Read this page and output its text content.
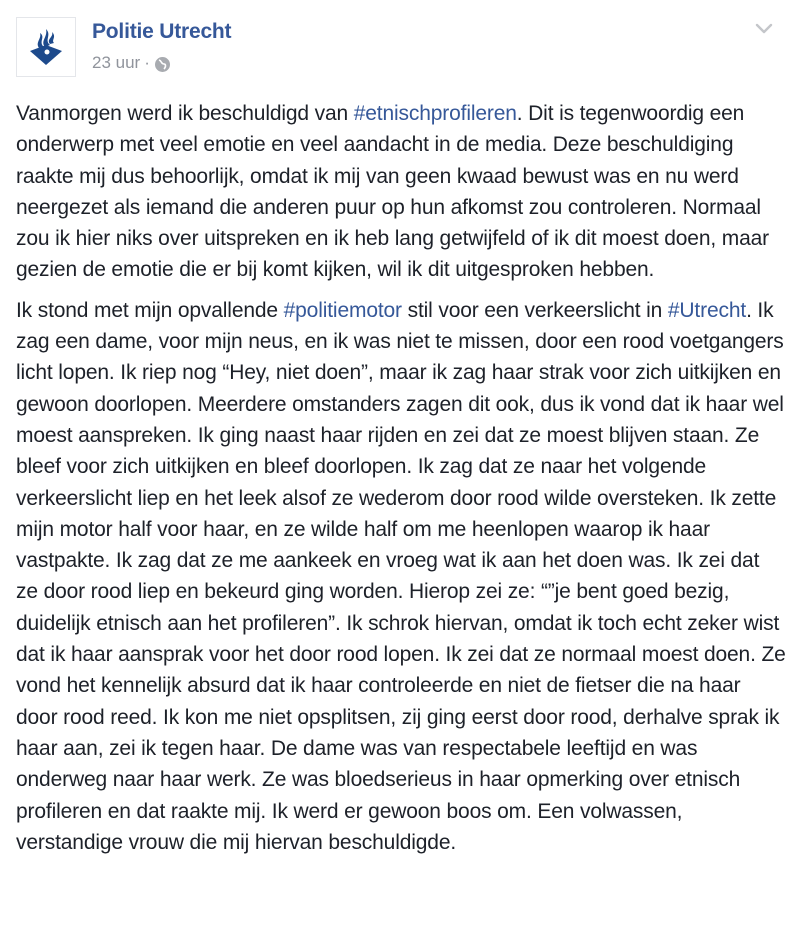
Politie Utrecht
23 uur ·

Vanmorgen werd ik beschuldigd van #etnischprofileren. Dit is tegenwoordig een onderwerp met veel emotie en veel aandacht in de media. Deze beschuldiging raakte mij dus behoorlijk, omdat ik mij van geen kwaad bewust was en nu werd neergezet als iemand die anderen puur op hun afkomst zou controleren. Normaal zou ik hier niks over uitspreken en ik heb lang getwijfeld of ik dit moest doen, maar gezien de emotie die er bij komt kijken, wil ik dit uitgesproken hebben.

Ik stond met mijn opvallende #politiemotor stil voor een verkeerslicht in #Utrecht. Ik zag een dame, voor mijn neus, en ik was niet te missen, door een rood voetgangers licht lopen. Ik riep nog “Hey, niet doen”, maar ik zag haar strak voor zich uitkijken en gewoon doorlopen. Meerdere omstanders zagen dit ook, dus ik vond dat ik haar wel moest aanspreken. Ik ging naast haar rijden en zei dat ze moest blijven staan. Ze bleef voor zich uitkijken en bleef doorlopen. Ik zag dat ze naar het volgende verkeerslicht liep en het leek alsof ze wederom door rood wilde oversteken. Ik zette mijn motor half voor haar, en ze wilde half om me heenlopen waarop ik haar vastpakte. Ik zag dat ze me aankeek en vroeg wat ik aan het doen was. Ik zei dat ze door rood liep en bekeurd ging worden. Hierop zei ze: “”je bent goed bezig, duidelijk etnisch aan het profileren”. Ik schrok hiervan, omdat ik toch echt zeker wist dat ik haar aansprak voor het door rood lopen. Ik zei dat ze normaal moest doen. Ze vond het kennelijk absurd dat ik haar controleerde en niet de fietser die na haar door rood reed. Ik kon me niet opsplitsen, zij ging eerst door rood, derhalve sprak ik haar aan, zei ik tegen haar. De dame was van respectabele leeftijd en was onderweg naar haar werk. Ze was bloedserieus in haar opmerking over etnisch profileren en dat raakte mij. Ik werd er gewoon boos om. Een volwassen, verstandige vrouw die mij hiervan beschuldigde.
